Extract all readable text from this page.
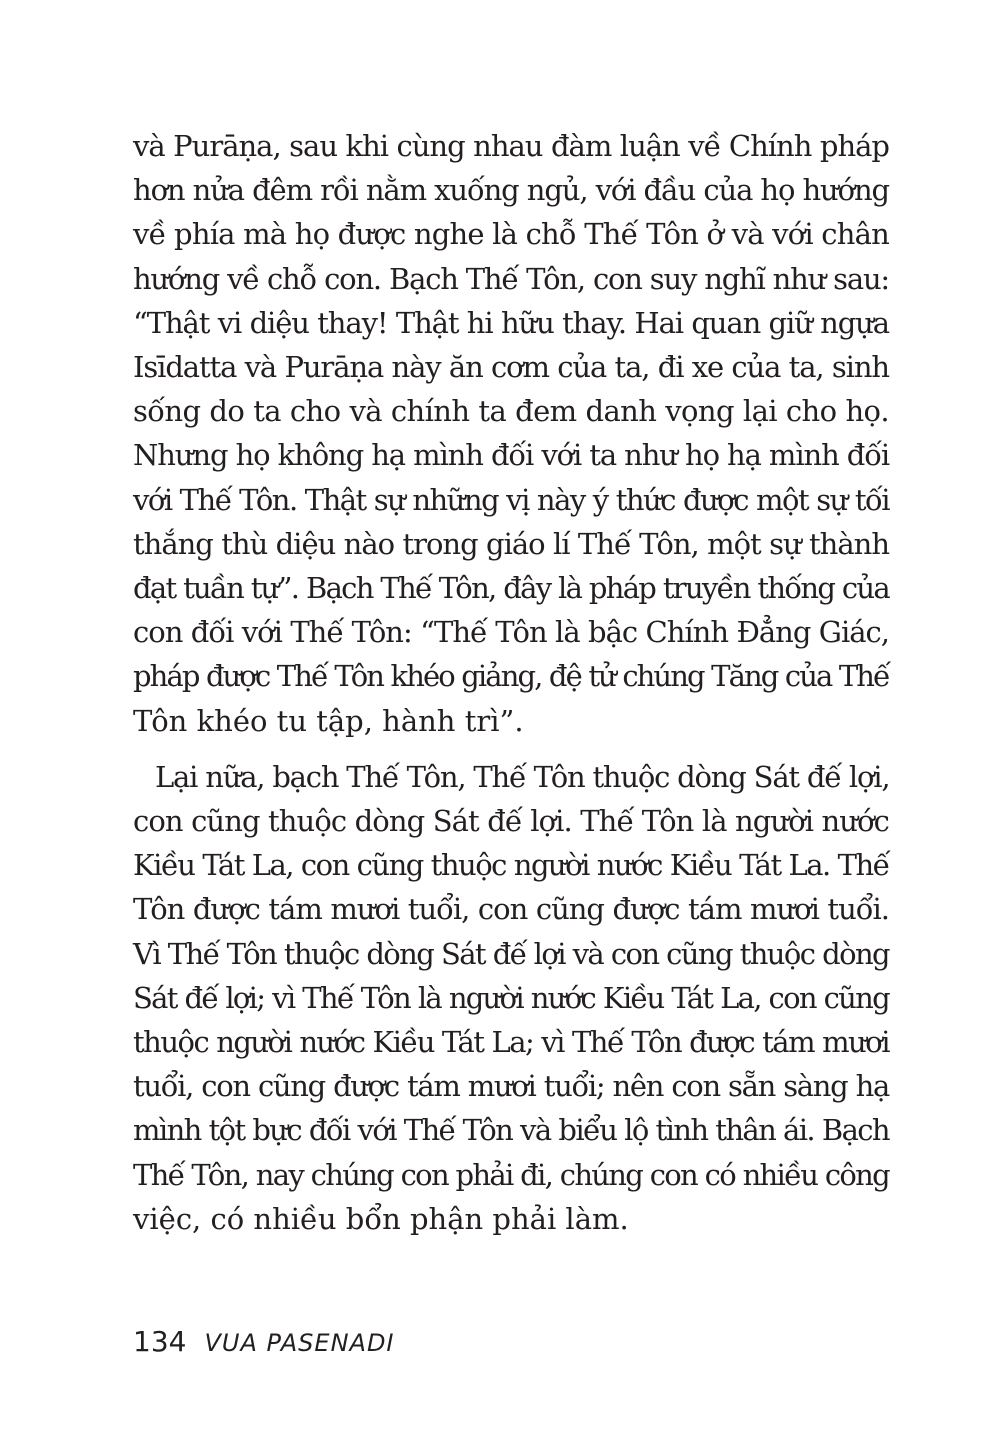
và Purāṇa, sau khi cùng nhau đàm luận về Chính pháp
hơn nửa đêm rồi nằm xuống ngủ, với đầu của họ hướng
về phía mà họ được nghe là chỗ Thế Tôn ở và với chân
hướng về chỗ con. Bạch Thế Tôn, con suy nghĩ như sau:
“Thật vi diệu thay! Thật hi hữu thay. Hai quan giữ ngựa
Isīdatta và Purāṇa này ăn cơm của ta, đi xe của ta, sinh
sống do ta cho và chính ta đem danh vọng lại cho họ.
Nhưng họ không hạ mình đối với ta như họ hạ mình đối
với Thế Tôn. Thật sự những vị này ý thức được một sự tối
thắng thù diệu nào trong giáo lí Thế Tôn, một sự thành
đạt tuần tự”. Bạch Thế Tôn, đây là pháp truyền thống của
con đối với Thế Tôn: “Thế Tôn là bậc Chính Đẳng Giác,
pháp được Thế Tôn khéo giảng, đệ tử chúng Tăng của Thế
Tôn khéo tu tập, hành trì”.

Lại nữa, bạch Thế Tôn, Thế Tôn thuộc dòng Sát đế lợi,
con cũng thuộc dòng Sát đế lợi. Thế Tôn là người nước
Kiều Tát La, con cũng thuộc người nước Kiều Tát La. Thế
Tôn được tám mươi tuổi, con cũng được tám mươi tuổi.
Vì Thế Tôn thuộc dòng Sát đế lợi và con cũng thuộc dòng
Sát đế lợi; vì Thế Tôn là người nước Kiều Tát La, con cũng
thuộc người nước Kiều Tát La; vì Thế Tôn được tám mươi
tuổi, con cũng được tám mươi tuổi; nên con sẵn sàng hạ
mình tột bực đối với Thế Tôn và biểu lộ tình thân ái. Bạch
Thế Tôn, nay chúng con phải đi, chúng con có nhiều công
việc, có nhiều bổn phận phải làm.

134 VUA PASENADI
